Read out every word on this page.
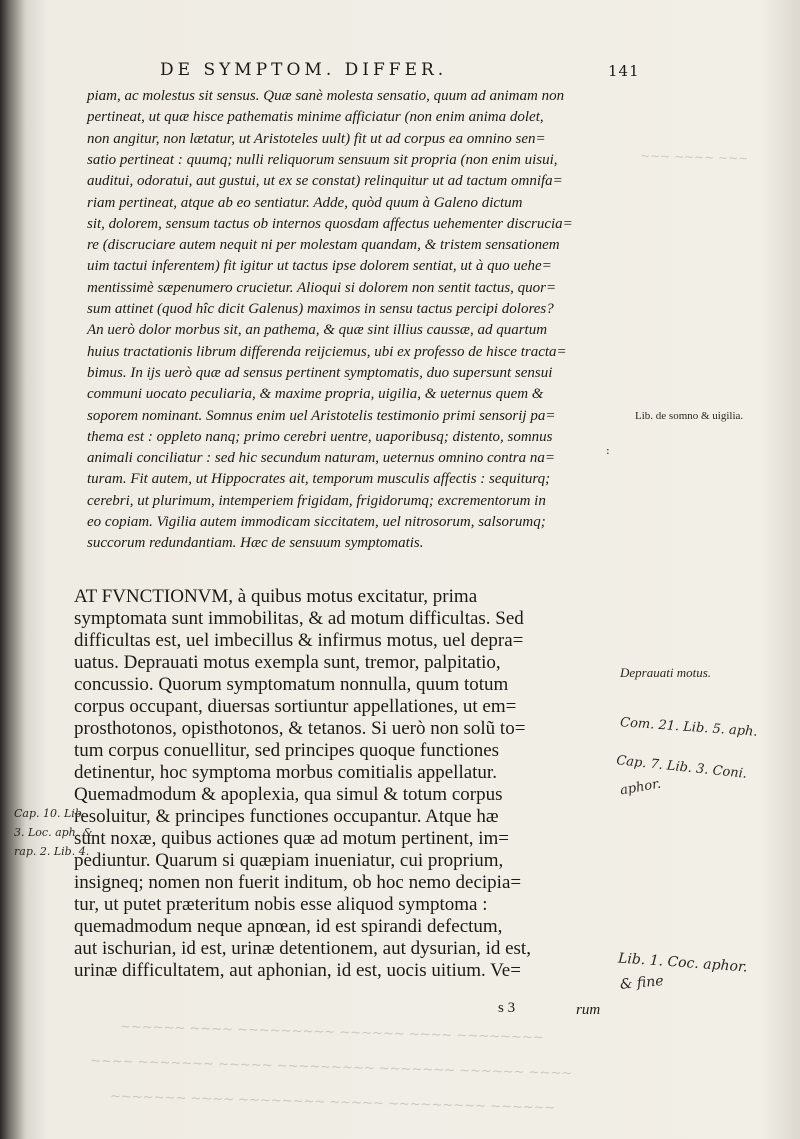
~~~ ~~~~ ~~~
~~~~~~ ~~~~ ~~~~~~~~~ ~~~~~~ ~~~~ ~~~~~~~~
~~~~ ~~~~~~~ ~~~~~ ~~~~~~~~~ ~~~~~~~ ~~~~~~ ~~~~
~~~~~~~ ~~~~ ~~~~~~~~ ~~~~~ ~~~~~~~~~ ~~~~~~
DE SYMPTOM. DIFFER.	141
piam, ac molestus sit sensus. Quæ sanè molesta sensatio, quum ad animam non
pertineat, ut quæ hisce pathematis minime afficiatur (non enim anima dolet,
non angitur, non lætatur, ut Aristoteles uult) fit ut ad corpus ea omnino sen=
satio pertineat : quumq; nulli reliquorum sensuum sit propria (non enim uisui,
auditui, odoratui, aut gustui, ut ex se constat) relinquitur ut ad tactum omnifa=
riam pertineat, atque ab eo sentiatur. Adde, quòd quum à Galeno dictum
sit, dolorem, sensum tactus ob internos quosdam affectus uehementer discrucia=
re (discruciare autem nequit ni per molestam quandam, & tristem sensationem
uim tactui inferentem) fit igitur ut tactus ipse dolorem sentiat, ut à quo uehe=
mentissimè sæpenumero crucietur. Alioqui si dolorem non sentit tactus, quor=
sum attinet (quod hîc dicit Galenus) maximos in sensu tactus percipi dolores?
An uerò dolor morbus sit, an pathema, & quæ sint illius caussæ, ad quartum
huius tractationis librum differenda reijciemus, ubi ex professo de hisce tracta=
bimus. In ijs uerò quæ ad sensus pertinent symptomatis, duo supersunt sensui
communi uocato peculiaria, & maxime propria, uigilia, & ueternus quem &
soporem nominant. Somnus enim uel Aristotelis testimonio primi sensorij pa=
thema est : oppleto nanq; primo cerebri uentre, uaporibusq; distento, somnus
animali conciliatur : sed hic secundum naturam, ueternus omnino contra na=
turam. Fit autem, ut Hippocrates ait, temporum musculis affectis : sequiturq;
cerebri, ut plurimum, intemperiem frigidam, frigidorumq; excrementorum in
eo copiam. Vigilia autem immodicam siccitatem, uel nitrosorum, salsorumq;
succorum redundantiam. Hæc de sensuum symptomatis.
AT FVNCTIONVM, à quibus motus excitatur, prima
symptomata sunt immobilitas, & ad motum difficultas. Sed
difficultas est, uel imbecillus & infirmus motus, uel depra=
uatus. Deprauati motus exempla sunt, tremor, palpitatio,
concussio. Quorum symptomatum nonnulla, quum totum
corpus occupant, diuersas sortiuntur appellationes, ut em=
prosthotonos, opisthotonos, & tetanos. Si uerò non solũ to=
tum corpus conuellitur, sed principes quoque functiones
detinentur, hoc symptoma morbus comitialis appellatur.
Quemadmodum & apoplexia, qua simul & totum corpus
resoluitur, & principes functiones occupantur. Atque hæ
sunt noxæ, quibus actiones quæ ad motum pertinent, im=
pediuntur. Quarum si quæpiam inueniatur, cui proprium,
insigneq; nomen non fuerit inditum, ob hoc nemo decipia=
tur, ut putet præteritum nobis esse aliquod symptoma :
quemadmodum neque apnœan, id est spirandi defectum,
aut ischurian, id est, urinæ detentionem, aut dysurian, id est,
urinæ difficultatem, aut aphonian, id est, uocis uitium. Ve=
Lib. de somno & uigilia.
:
Deprauati motus.
Com. 21. Lib. 5. aph.
Cap. 7. Lib. 3. Coni.
aphor.
Lib. 1. Coc. aphor.
& fine
Cap. 10. Lib. 3. Loc. aph. & rap. 2. Lib. 4.
s 3	rum
